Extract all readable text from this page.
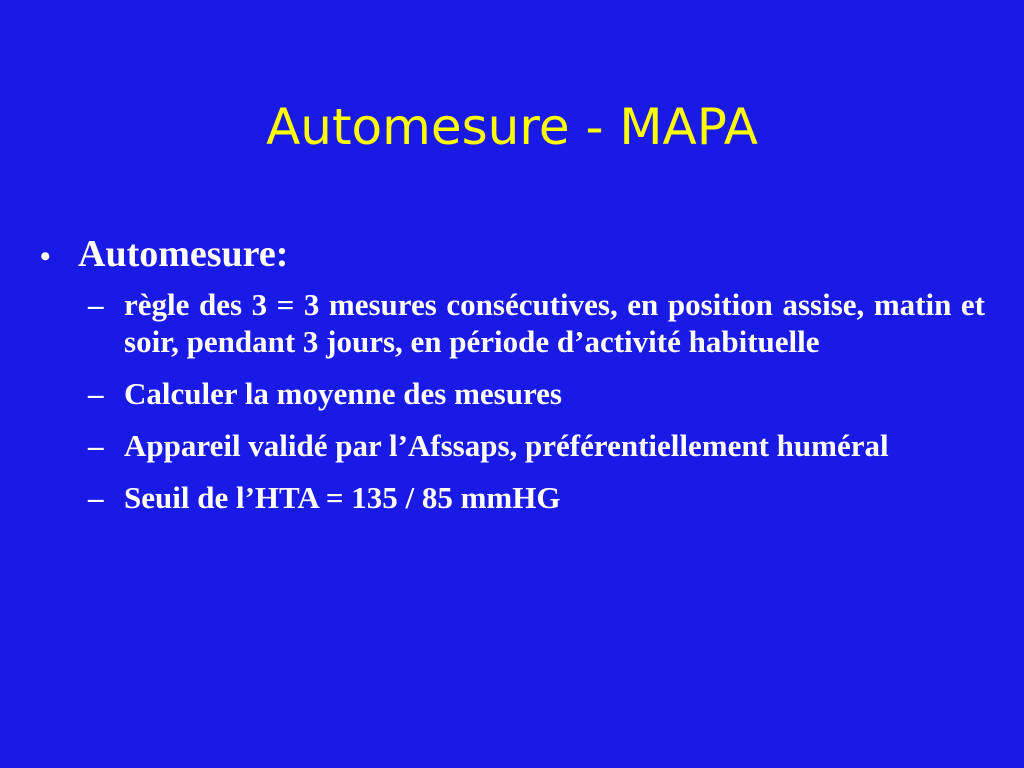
Automesure - MAPA
• Automesure:
– règle des 3 = 3 mesures consécutives, en position assise, matin et soir, pendant 3 jours, en période d’activité habituelle
– Calculer la moyenne des mesures
– Appareil validé par l’Afssaps, préférentiellement huméral
– Seuil de l’HTA = 135 / 85 mmHG
